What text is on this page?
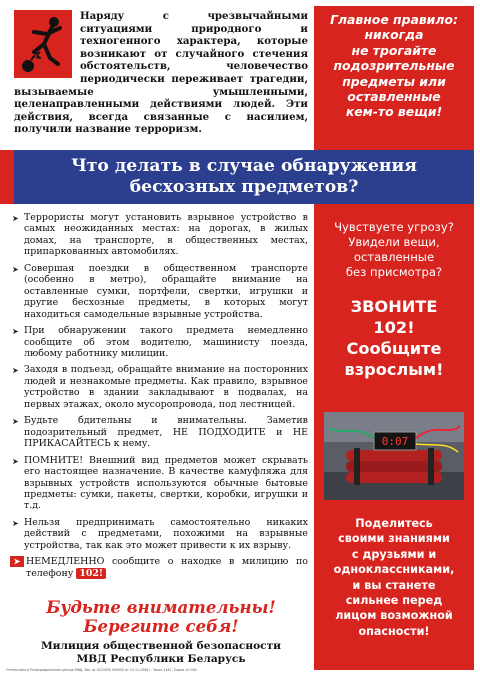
Наряду с чрезвычайными ситуациями природного и техногенного характера, которые возникают от случайного стечения обстоятельств, человечество периодически переживает трагедии, вызываемые умышленными, целенаправленными действиями людей. Эти действия, всегда связанные с насилием, получили название терроризм.
Главное правило:
никогда
не трогайте
подозрительные
предметы или
оставленные
кем-то вещи!
Что делать в случае обнаружения
бесхозных предметов?
➤ Террористы могут установить взрывное устройство в самых неожиданных местах: на дорогах, в жилых домах, на транспорте, в общественных местах, припаркованных автомобилях.
➤ Совершая поездки в общественном транспорте (особенно в метро), обращайте внимание на оставленные сумки, портфели, свертки, игрушки и другие бесхозные предметы, в которых могут находиться самодельные взрывные устройства.
➤ При обнаружении такого предмета немедленно сообщите об этом водителю, машинисту поезда, любому работнику милиции.
➤ Заходя в подъезд, обращайте внимание на посторонних людей и незнакомые предметы. Как правило, взрывное устройство в здании закладывают в подвалах, на первых этажах, около мусоропровода, под лестницей.
➤ Будьте бдительны и внимательны. Заметив подозрительный предмет, НЕ ПОДХОДИТЕ и НЕ ПРИКАСАЙТЕСЬ к нему.
➤ ПОМНИТЕ! Внешний вид предметов может скрывать его настоящее назначение. В качестве камуфляжа для взрывных устройств используются обычные бытовые предметы: сумки, пакеты, свертки, коробки, игрушки и т.д.
➤ Нельзя предпринимать самостоятельно никаких действий с предметами, похожими на взрывные устройства, так как это может привести к их взрыву.
➤ НЕМЕДЛЕННО сообщите о находке в милицию по телефону 102!
Будьте внимательны!
Берегите себя!
Милиция общественной безопасности
МВД Республики Беларусь
Отпечатано в Полиграфическом центре МВД. Зак. № 02/2059/ 000000 от 10.11.2008 г. Заказ 1441. Тираж 10 000
Чувствуете угрозу?
Увидели вещи,
оставленные
без присмотра?
ЗВОНИТЕ
102!
Сообщите
взрослым!
0:07
Поделитесь
своими знаниями
с друзьями и
одноклассниками,
и вы станете
сильнее перед
лицом возможной
опасности!
